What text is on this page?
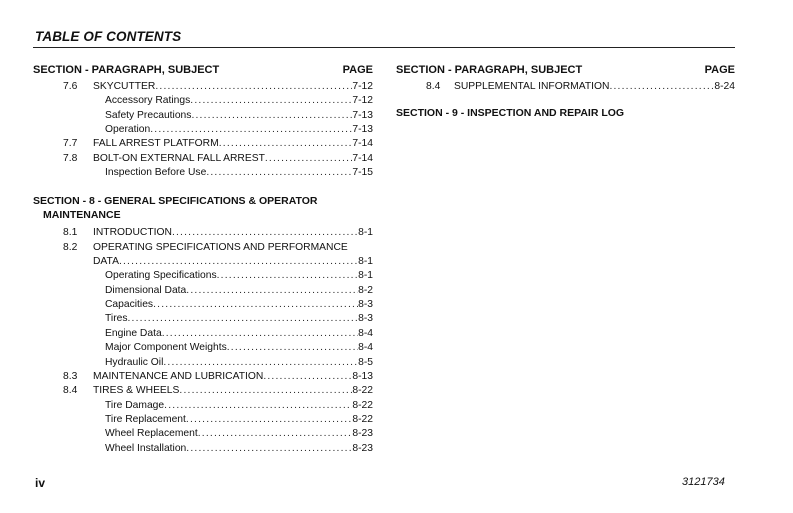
TABLE OF CONTENTS
SECTION - PARAGRAPH, SUBJECT	PAGE
7.6 SKYCUTTER .....	7-12
Accessory Ratings .....	7-12
Safety Precautions .....	7-13
Operation .....	7-13
7.7 FALL ARREST PLATFORM .....	7-14
7.8 BOLT-ON EXTERNAL FALL ARREST .....	7-14
Inspection Before Use .....	7-15
SECTION - 8 - GENERAL SPECIFICATIONS & OPERATOR
MAINTENANCE
8.1 INTRODUCTION .....	8-1
8.2 OPERATING SPECIFICATIONS AND PERFORMANCE
DATA .....	8-1
Operating Specifications .....	8-1
Dimensional Data .....	8-2
Capacities .....	8-3
Tires .....	8-3
Engine Data .....	8-4
Major Component Weights .....	8-4
Hydraulic Oil .....	8-5
8.3 MAINTENANCE AND LUBRICATION .....	8-13
8.4 TIRES & WHEELS .....	8-22
Tire Damage .....	8-22
Tire Replacement .....	8-22
Wheel Replacement .....	8-23
Wheel Installation .....	8-23
SECTION - PARAGRAPH, SUBJECT	PAGE
8.4 SUPPLEMENTAL INFORMATION .....	8-24
SECTION - 9 - INSPECTION AND REPAIR LOG
iv	3121734
